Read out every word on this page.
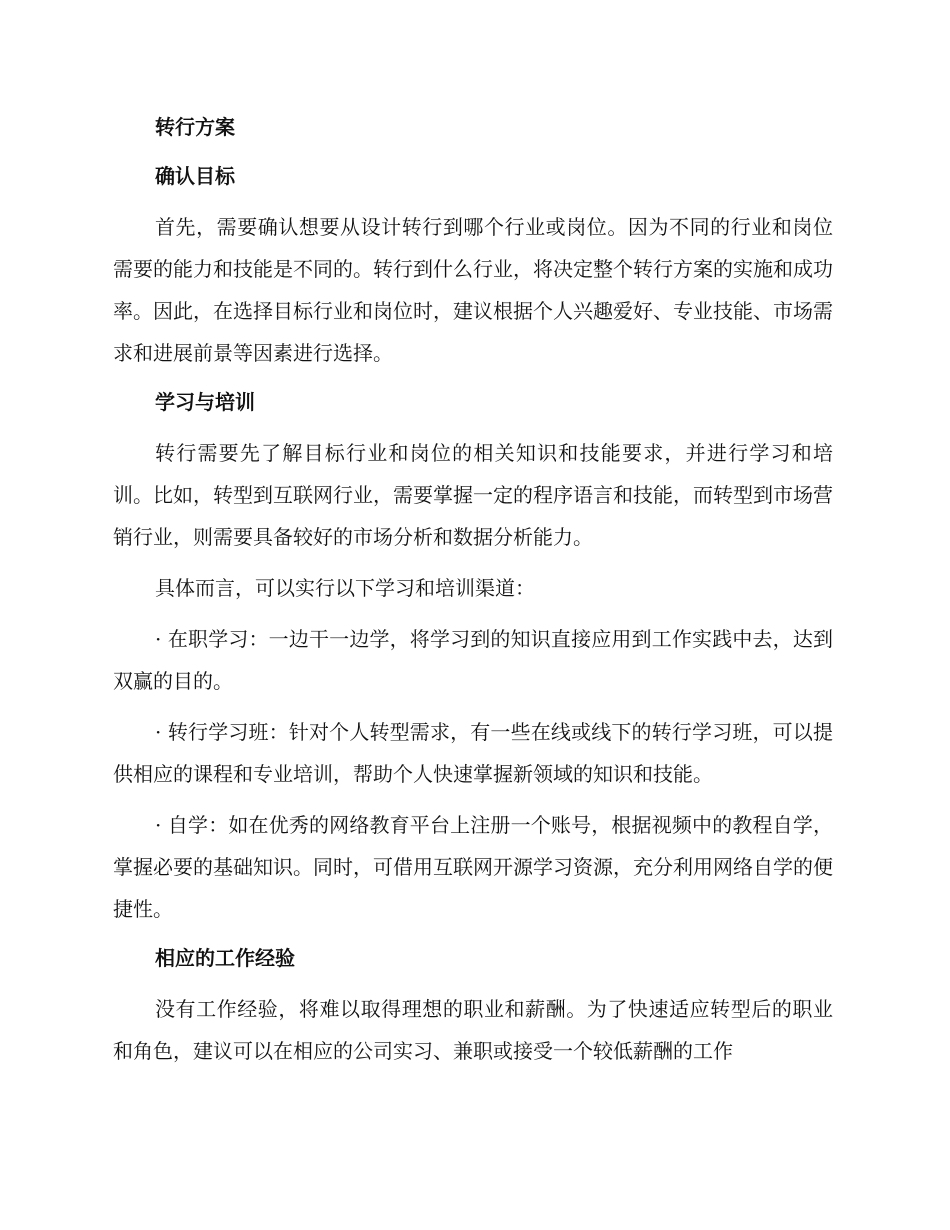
转行方案
确认目标

首先，需要确认想要从设计转行到哪个行业或岗位。因为不同的行业和岗位需要的能力和技能是不同的。转行到什么行业，将决定整个转行方案的实施和成功率。因此，在选择目标行业和岗位时，建议根据个人兴趣爱好、专业技能、市场需求和进展前景等因素进行选择。

学习与培训

转行需要先了解目标行业和岗位的相关知识和技能要求，并进行学习和培训。比如，转型到互联网行业，需要掌握一定的程序语言和技能，而转型到市场营销行业，则需要具备较好的市场分析和数据分析能力。

具体而言，可以实行以下学习和培训渠道：

· 在职学习：一边干一边学，将学习到的知识直接应用到工作实践中去，达到双赢的目的。

· 转行学习班：针对个人转型需求，有一些在线或线下的转行学习班，可以提供相应的课程和专业培训，帮助个人快速掌握新领域的知识和技能。

· 自学：如在优秀的网络教育平台上注册一个账号，根据视频中的教程自学，掌握必要的基础知识。同时，可借用互联网开源学习资源，充分利用网络自学的便捷性。

相应的工作经验

没有工作经验，将难以取得理想的职业和薪酬。为了快速适应转型后的职业和角色，建议可以在相应的公司实习、兼职或接受一个较低薪酬的工作
